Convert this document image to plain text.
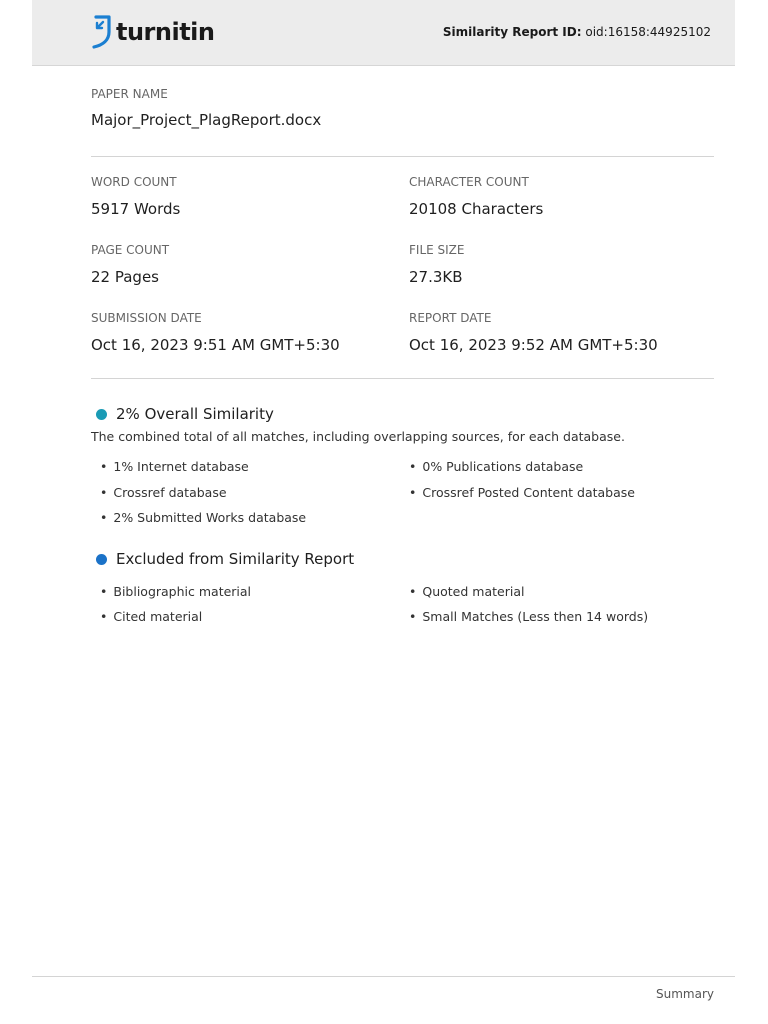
turnitin	Similarity Report ID: oid:16158:44925102
PAPER NAME
Major_Project_PlagReport.docx
WORD COUNT
5917 Words
CHARACTER COUNT
20108 Characters
PAGE COUNT
22 Pages
FILE SIZE
27.3KB
SUBMISSION DATE
Oct 16, 2023 9:51 AM GMT+5:30
REPORT DATE
Oct 16, 2023 9:52 AM GMT+5:30
2% Overall Similarity
The combined total of all matches, including overlapping sources, for each database.
• 1% Internet database	• 0% Publications database
• Crossref database	• Crossref Posted Content database
• 2% Submitted Works database
Excluded from Similarity Report
• Bibliographic material	• Quoted material
• Cited material	• Small Matches (Less then 14 words)
Summary
